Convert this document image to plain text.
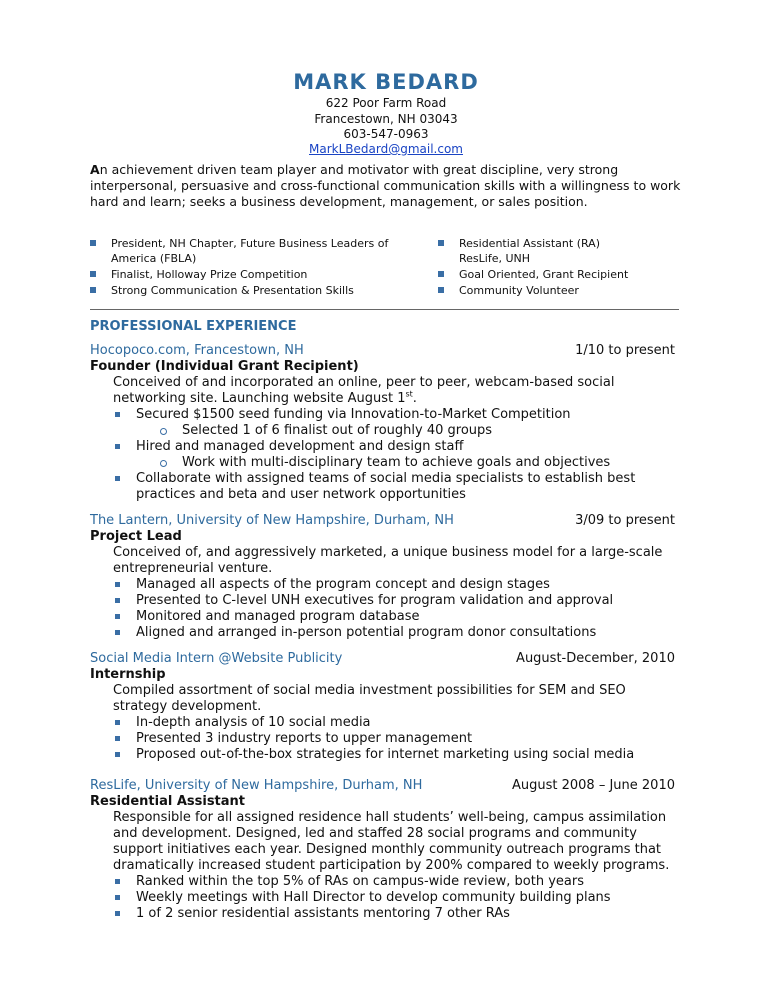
MARK BEDARD
622 Poor Farm Road
Francestown, NH 03043
603-547-0963
MarkLBedard@gmail.com
An achievement driven team player and motivator with great discipline, very strong interpersonal, persuasive and cross-functional communication skills with a willingness to work hard and learn; seeks a business development, management, or sales position.
President, NH Chapter, Future Business Leaders of America (FBLA)
Finalist, Holloway Prize Competition
Strong Communication & Presentation Skills
Residential Assistant (RA) ResLife, UNH
Goal Oriented, Grant Recipient
Community Volunteer
PROFESSIONAL EXPERIENCE
Hocopoco.com, Francestown, NH	1/10 to present
Founder (Individual Grant Recipient)
Conceived of and incorporated an online, peer to peer, webcam-based social networking site. Launching website August 1st.
Secured $1500 seed funding via Innovation-to-Market Competition
Selected 1 of 6 finalist out of roughly 40 groups
Hired and managed development and design staff
Work with multi-disciplinary team to achieve goals and objectives
Collaborate with assigned teams of social media specialists to establish best practices and beta and user network opportunities
The Lantern, University of New Hampshire, Durham, NH	3/09 to present
Project Lead
Conceived of, and aggressively marketed, a unique business model for a large-scale entrepreneurial venture.
Managed all aspects of the program concept and design stages
Presented to C-level UNH executives for program validation and approval
Monitored and managed program database
Aligned and arranged in-person potential program donor consultations
Social Media Intern @Website Publicity	August-December, 2010
Internship
Compiled assortment of social media investment possibilities for SEM and SEO strategy development.
In-depth analysis of 10 social media
Presented 3 industry reports to upper management
Proposed out-of-the-box strategies for internet marketing using social media
ResLife, University of New Hampshire, Durham, NH	August 2008 – June 2010
Residential Assistant
Responsible for all assigned residence hall students’ well-being, campus assimilation and development. Designed, led and staffed 28 social programs and community support initiatives each year. Designed monthly community outreach programs that dramatically increased student participation by 200% compared to weekly programs.
Ranked within the top 5% of RAs on campus-wide review, both years
Weekly meetings with Hall Director to develop community building plans
1 of 2 senior residential assistants mentoring 7 other RAs
